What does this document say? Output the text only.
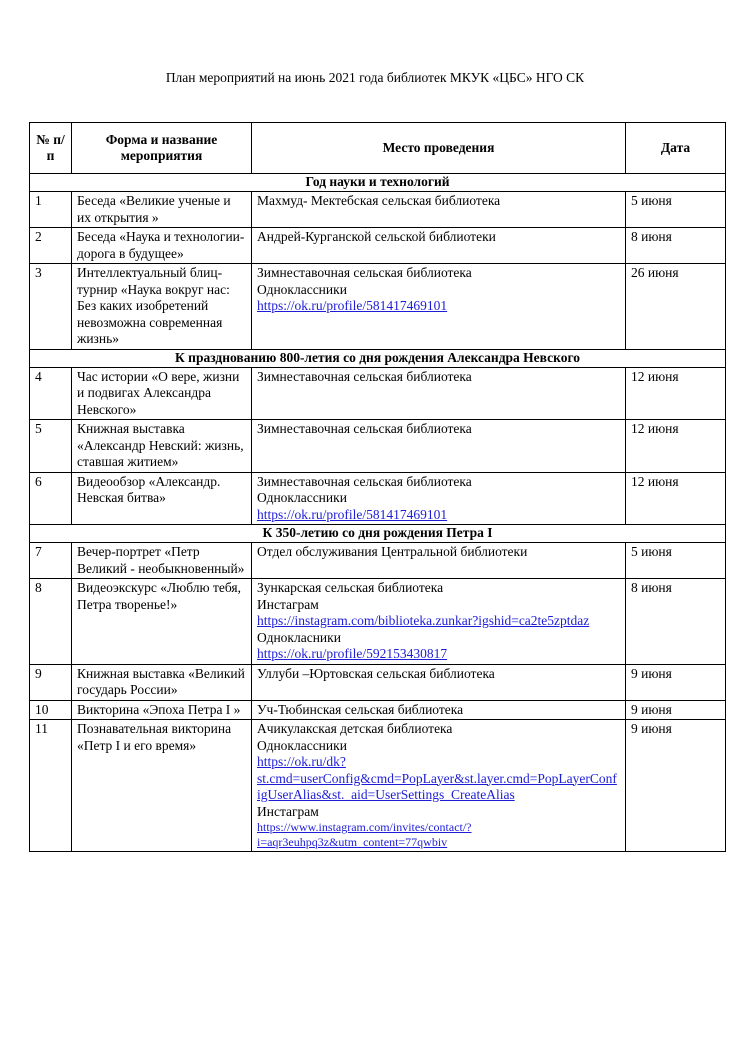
План мероприятий на июнь 2021 года библиотек МКУК «ЦБС» НГО СК
№ п/п	Форма и название мероприятия	Место проведения	Дата
Год науки и технологий			
1	Беседа «Великие ученые и их открытия »	Махмуд- Мектебская сельская библиотека	5 июня
2	Беседа «Наука и технологии- дорога в будущее»	Андрей-Курганской сельской библиотеки	8 июня
3	Интеллектуальный блиц-турнир «Наука вокруг нас: Без каких изобретений невозможна современная жизнь»	Зимнеставочная сельская библиотека
Одноклассники
https://ok.ru/profile/581417469101	26 июня
К празднованию 800-летия со дня рождения Александра Невского			
4	Час истории «О вере, жизни и подвигах Александра Невского»	Зимнеставочная сельская библиотека	12 июня
5	Книжная выставка «Александр Невский: жизнь, ставшая житием»	Зимнеставочная сельская библиотека	12 июня
6	Видеообзор «Александр. Невская битва»	Зимнеставочная сельская библиотека
Одноклассники
https://ok.ru/profile/581417469101	12 июня
К 350-летию со дня рождения Петра I			
7	Вечер-портрет «Петр Великий - необыкновенный»	Отдел обслуживания Центральной библиотеки	5 июня
8	Видеоэкскурс «Люблю тебя, Петра творенье!»	Зункарская сельская библиотека
Инстаграм
https://instagram.com/biblioteka.zunkar?igshid=ca2te5zptdaz
Однокласники
https://ok.ru/profile/592153430817	8 июня
9	Книжная выставка «Великий государь России»	Уллуби –Юртовская сельская библиотека	9 июня
10	Викторина «Эпоха Петра I »	Уч-Тюбинская сельская библиотека	9 июня
11	Познавательная викторина «Петр I и его время»	Ачикулакская детская библиотека
Одноклассники
https://ok.ru/dk?st.cmd=userConfig&cmd=PopLayer&st.layer.cmd=PopLayerConfigUserAlias&st._aid=UserSettings_CreateAlias
Инстаграм
https://www.instagram.com/invites/contact/?i=aqr3euhpq3z&utm_content=77qwbiv	9 июня
